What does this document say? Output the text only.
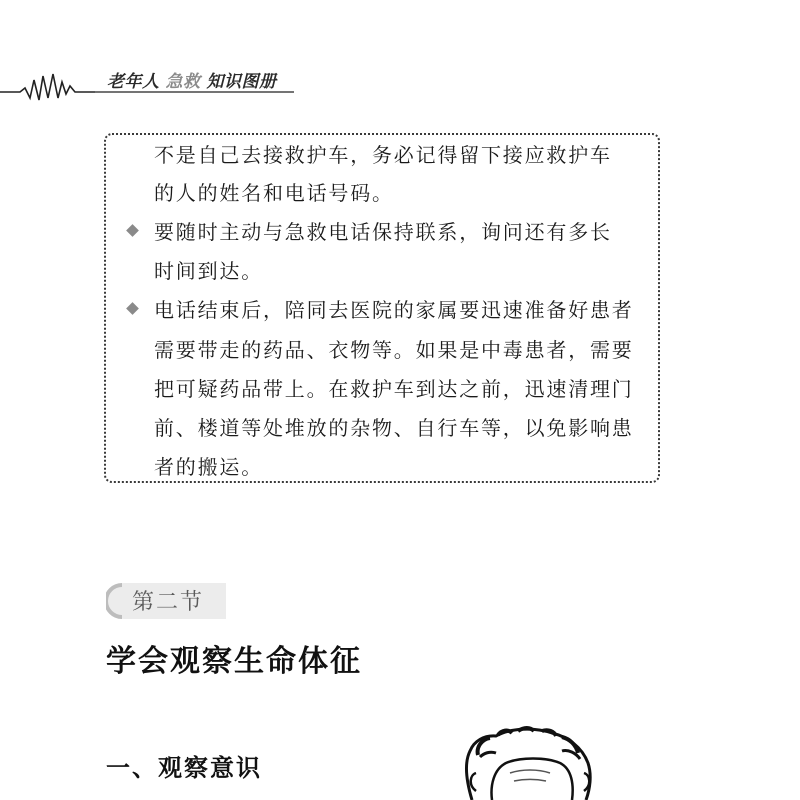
老年人 急救 知识图册
不是自己去接救护车，务必记得留下接应救护车
的人的姓名和电话号码。
要随时主动与急救电话保持联系，询问还有多长
时间到达。
电话结束后，陪同去医院的家属要迅速准备好患者
需要带走的药品、衣物等。如果是中毒患者，需要
把可疑药品带上。在救护车到达之前，迅速清理门
前、楼道等处堆放的杂物、自行车等，以免影响患
者的搬运。
第二节
学会观察生命体征
一、观察意识
